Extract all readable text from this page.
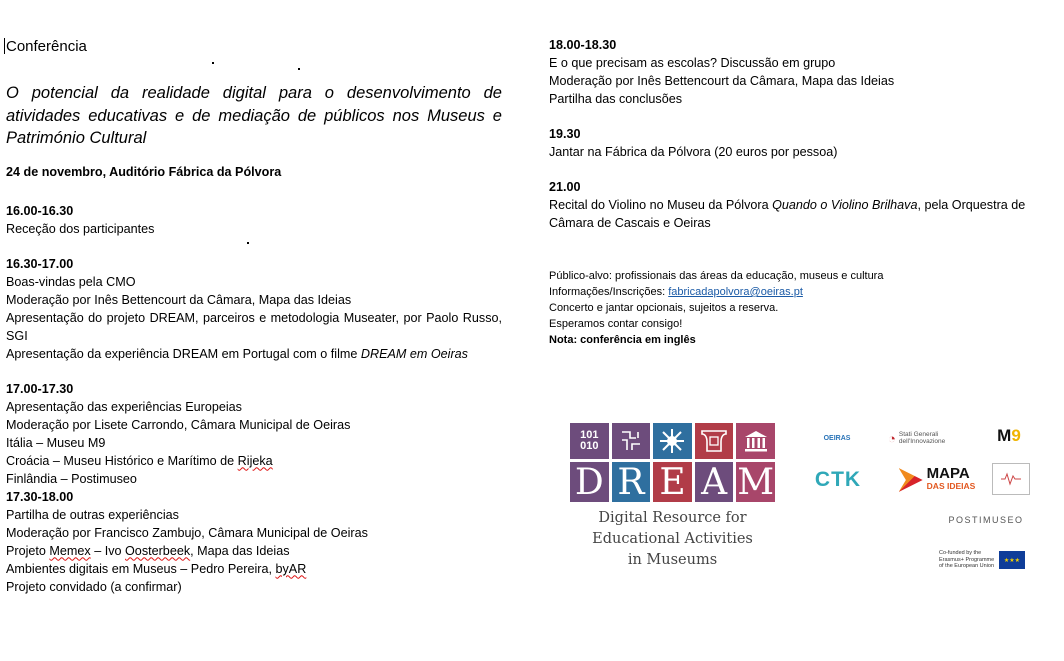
Conferência
O potencial da realidade digital para o desenvolvimento de atividades educativas e de mediação de públicos nos Museus e Património Cultural
24 de novembro, Auditório Fábrica da Pólvora
16.00-16.30
Receção dos participantes
16.30-17.00
Boas-vindas pela CMO
Moderação por Inês Bettencourt da Câmara, Mapa das Ideias
Apresentação do projeto DREAM, parceiros e metodologia Museater, por Paolo Russo, SGI
Apresentação da experiência DREAM em Portugal com o filme DREAM em Oeiras
17.00-17.30
Apresentação das experiências Europeias
Moderação por Lisete Carrondo, Câmara Municipal de Oeiras
Itália – Museu M9
Croácia – Museu Histórico e Marítimo de Rijeka
Finlândia – Postimuseo
17.30-18.00
Partilha de outras experiências
Moderação por Francisco Zambujo, Câmara Municipal de Oeiras
Projeto Memex – Ivo Oosterbeek, Mapa das Ideias
Ambientes digitais em Museus – Pedro Pereira, byAR
Projeto convidado (a confirmar)
18.00-18.30
E o que precisam as escolas? Discussão em grupo
Moderação por Inês Bettencourt da Câmara, Mapa das Ideias
Partilha das conclusões
19.30
Jantar na Fábrica da Pólvora (20 euros por pessoa)
21.00
Recital do Violino no Museu da Pólvora Quando o Violino Brilhava, pela Orquestra de Câmara de Cascais e Oeiras
Público-alvo: profissionais das áreas da educação, museus e cultura
Informações/Inscrições: fabricadapolvora@oeiras.pt
Concerto e jantar opcionais, sujeitos a reserva.
Esperamos contar consigo!
Nota: conferência em inglês
101
010
D R E A M
Digital Resource for
Educational Activities
in Museums
OEIRAS	◔ Stati Generali dell'Innovazione	M 9
CTK	MAPA
DAS IDEIAS
POSTIMUSEO
Co-funded by the Erasmus+ Programme of the European Union
★★★
